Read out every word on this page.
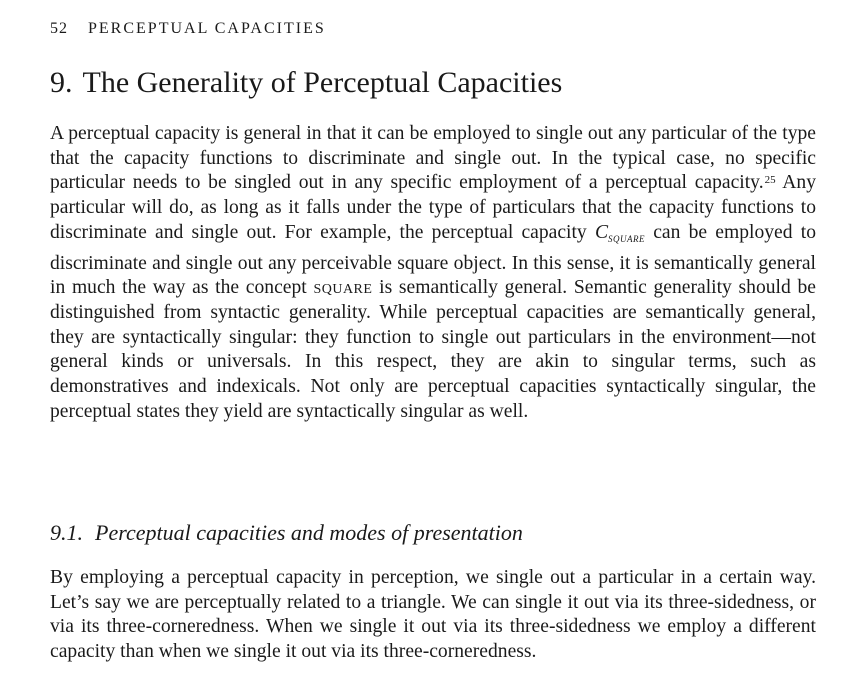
52 PERCEPTUAL CAPACITIES
9. The Generality of Perceptual Capacities

A perceptual capacity is general in that it can be employed to single out any particular of the type that the capacity functions to discriminate and single out. In the typical case, no specific particular needs to be singled out in any specific employment of a perceptual capacity.$^{25}$ Any particular will do, as long as it falls under the type of particulars that the capacity functions to discriminate and single out. For example, the perceptual capacity $C_{SQUARE}$ can be employed to discriminate and single out any perceivable square object. In this sense, it is semantically general in much the way as the concept square is semantically general. Semantic generality should be distinguished from syntactic generality. While perceptual capacities are semantically general, they are syntactically singular: they function to single out particulars in the environment—not general kinds or universals. In this respect, they are akin to singular terms, such as demonstratives and indexicals. Not only are perceptual capacities syntactically singular, the perceptual states they yield are syntactically singular as well.

9.1. Perceptual capacities and modes of presentation

By employing a perceptual capacity in perception, we single out a particular in a certain way. Let’s say we are perceptually related to a triangle. We can single it out via its three-sidedness, or via its three-corneredness. When we single it out via its three-sidedness we employ a different capacity than when we single it out via its three-corneredness.
